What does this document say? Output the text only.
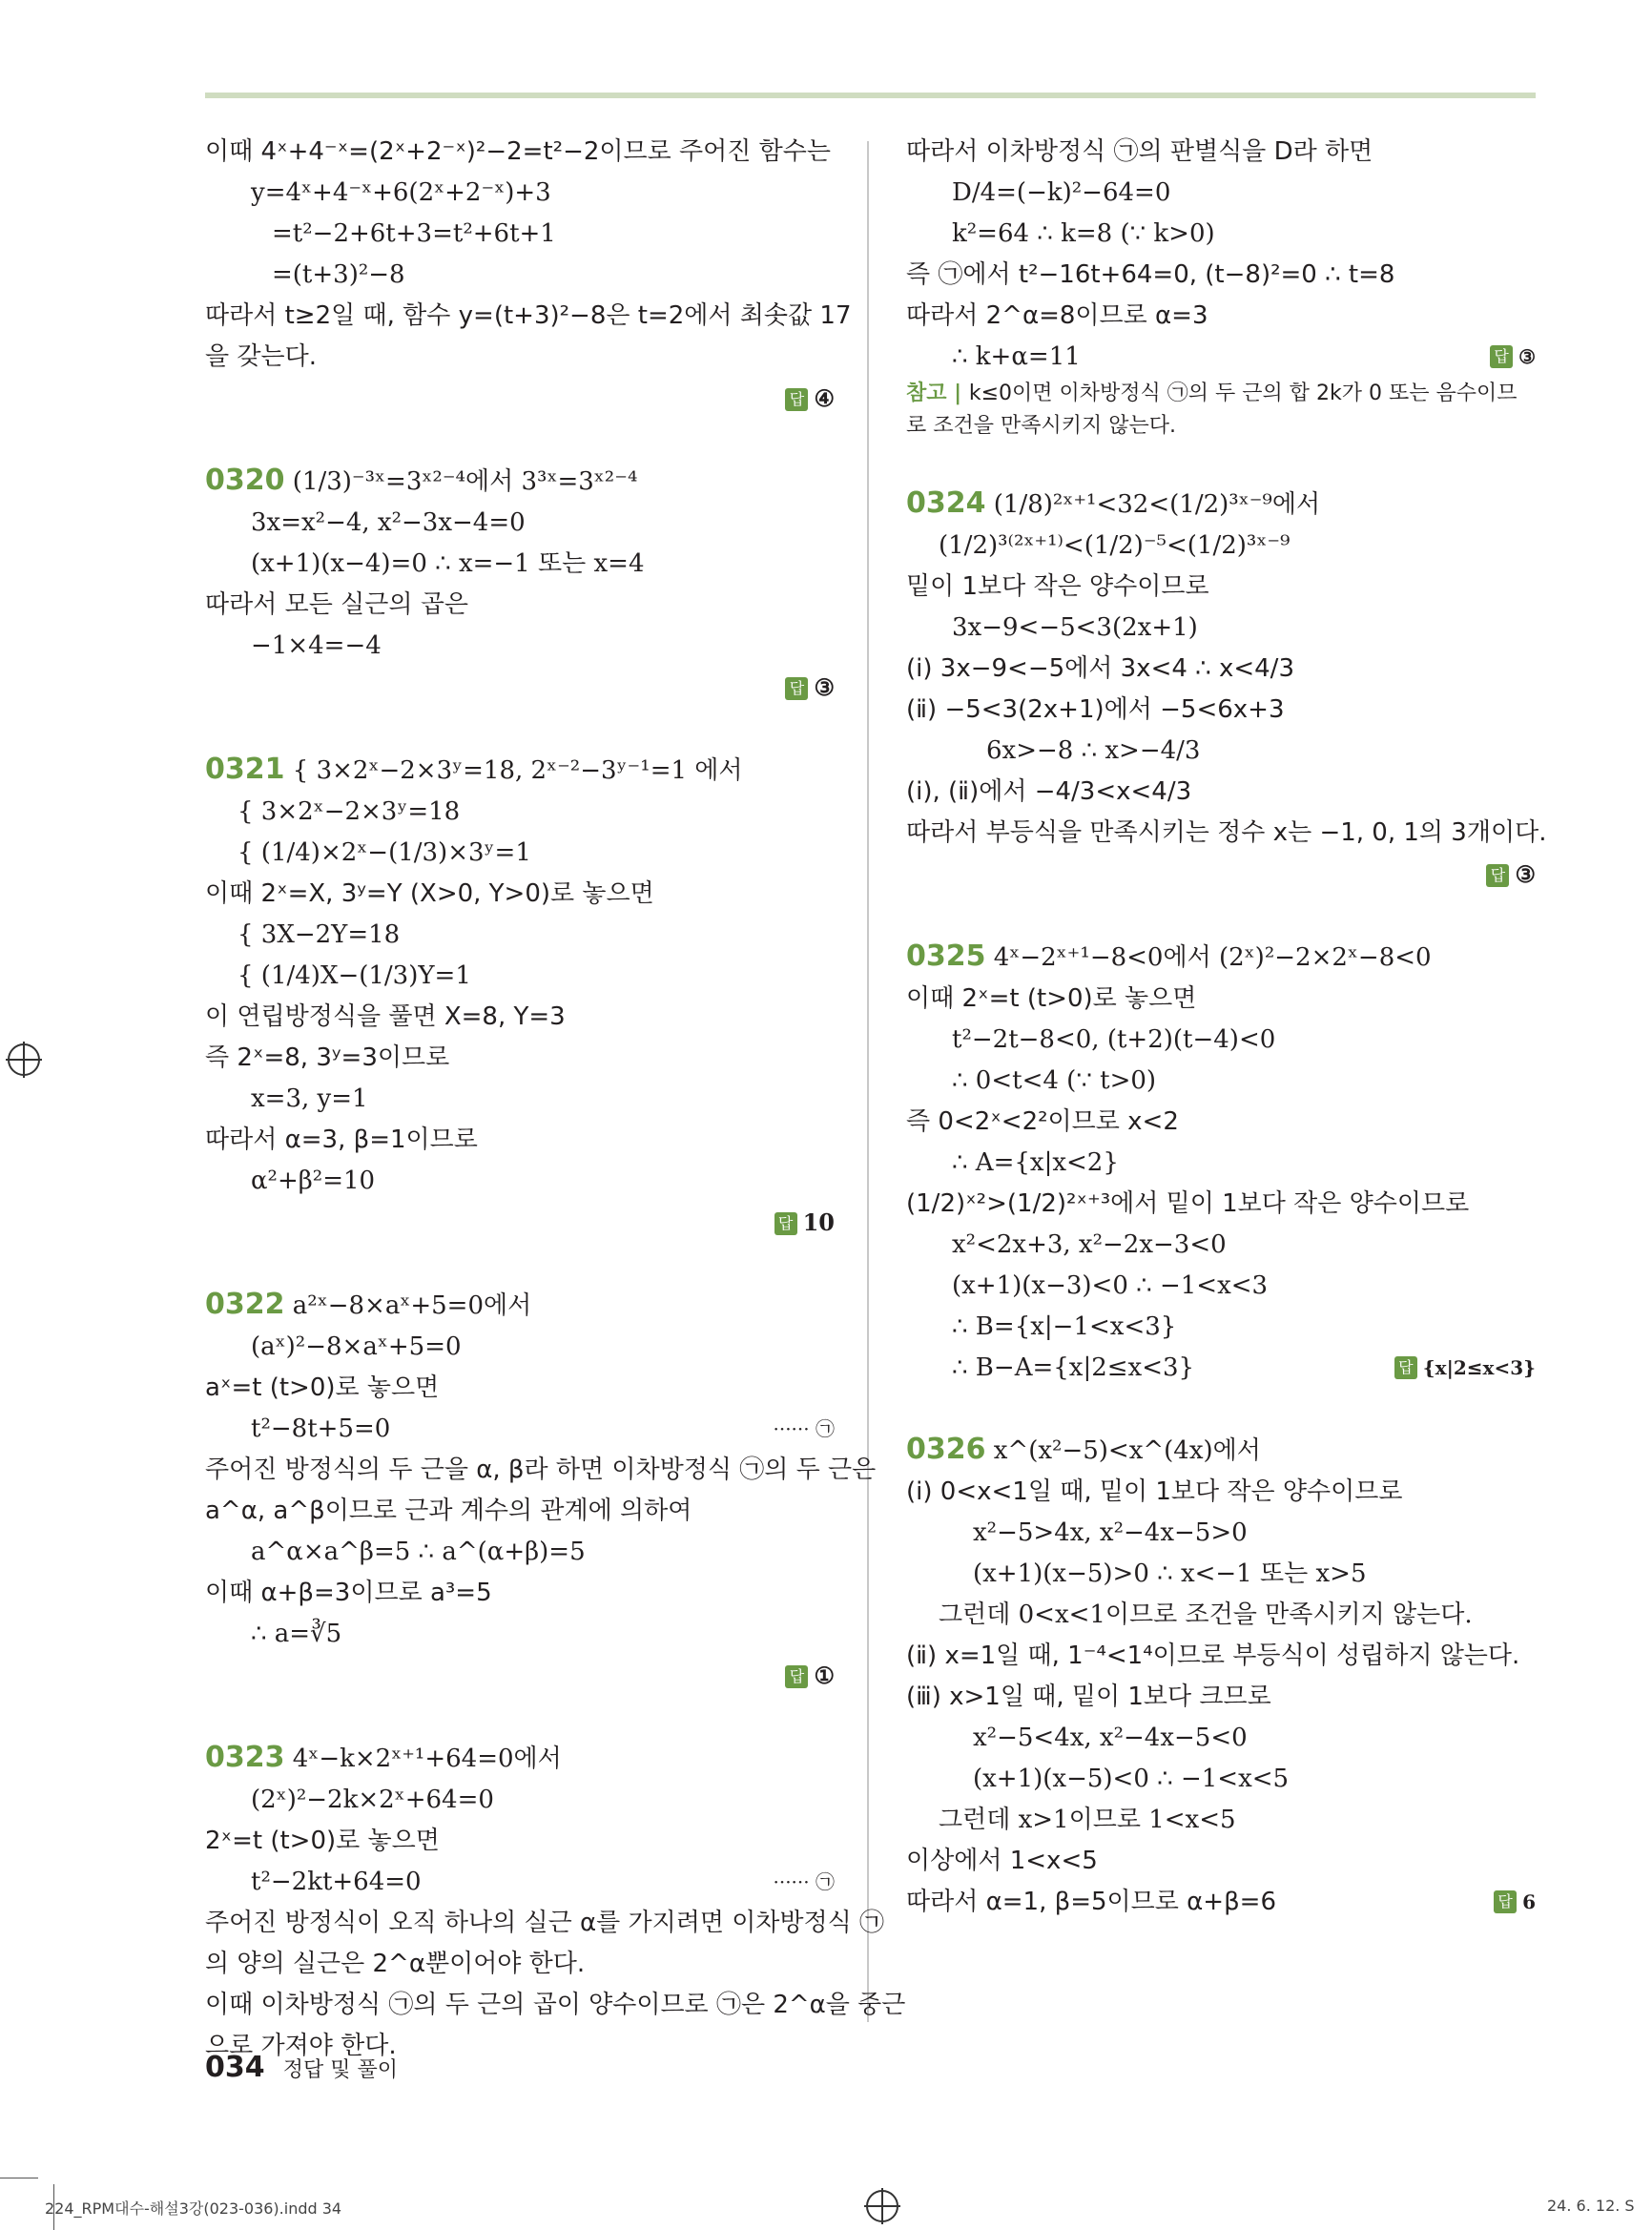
이때 4ˣ+4⁻ˣ=(2ˣ+2⁻ˣ)²−2=t²−2이므로 주어진 함수는
y=4ˣ+4⁻ˣ+6(2ˣ+2⁻ˣ)+3
=t²−2+6t+3=t²+6t+1
=(t+3)²−8
따라서 t≥2일 때, 함수 y=(t+3)²−8은 t=2에서 최솟값 17
을 갖는다.
답 ④
0320 (1/3)⁻³ˣ=3ˣ²⁻⁴에서 3³ˣ=3ˣ²⁻⁴
3x=x²−4, x²−3x−4=0
(x+1)(x−4)=0 ∴ x=−1 또는 x=4
따라서 모든 실근의 곱은
−1×4=−4
답 ③
0321 { 3×2ˣ−2×3ʸ=18, 2ˣ⁻²−3ʸ⁻¹=1 에서
{ 3×2ˣ−2×3ʸ=18
{ (1/4)×2ˣ−(1/3)×3ʸ=1
이때 2ˣ=X, 3ʸ=Y (X>0, Y>0)로 놓으면
{ 3X−2Y=18
{ (1/4)X−(1/3)Y=1
이 연립방정식을 풀면 X=8, Y=3
즉 2ˣ=8, 3ʸ=3이므로
x=3, y=1
따라서 α=3, β=1이므로
α²+β²=10
답 10
0322 a²ˣ−8×aˣ+5=0에서
(aˣ)²−8×aˣ+5=0
aˣ=t (t>0)로 놓으면
t²−8t+5=0	······ ㉠
주어진 방정식의 두 근을 α, β라 하면 이차방정식 ㉠의 두 근은
a^α, a^β이므로 근과 계수의 관계에 의하여
a^α×a^β=5 ∴ a^(α+β)=5
이때 α+β=3이므로 a³=5
∴ a=∛5
답 ①
0323 4ˣ−k×2ˣ⁺¹+64=0에서
(2ˣ)²−2k×2ˣ+64=0
2ˣ=t (t>0)로 놓으면
t²−2kt+64=0	······ ㉠
주어진 방정식이 오직 하나의 실근 α를 가지려면 이차방정식 ㉠
의 양의 실근은 2^α뿐이어야 한다.
이때 이차방정식 ㉠의 두 근의 곱이 양수이므로 ㉠은 2^α을 중근
으로 가져야 한다.
따라서 이차방정식 ㉠의 판별식을 D라 하면
D/4=(−k)²−64=0
k²=64 ∴ k=8 (∵ k>0)
즉 ㉠에서 t²−16t+64=0, (t−8)²=0 ∴ t=8
따라서 2^α=8이므로 α=3
∴ k+α=11	답 ③
참고 | k≤0이면 이차방정식 ㉠의 두 근의 합 2k가 0 또는 음수이므로 조건을 만족시키지 않는다.
0324 (1/8)²ˣ⁺¹<32<(1/2)³ˣ⁻⁹에서
(1/2)³⁽²ˣ⁺¹⁾<(1/2)⁻⁵<(1/2)³ˣ⁻⁹
밑이 1보다 작은 양수이므로
3x−9<−5<3(2x+1)
(ⅰ) 3x−9<−5에서 3x<4 ∴ x<4/3
(ⅱ) −5<3(2x+1)에서 −5<6x+3
6x>−8 ∴ x>−4/3
(ⅰ), (ⅱ)에서 −4/3<x<4/3
따라서 부등식을 만족시키는 정수 x는 −1, 0, 1의 3개이다.
답 ③
0325 4ˣ−2ˣ⁺¹−8<0에서 (2ˣ)²−2×2ˣ−8<0
이때 2ˣ=t (t>0)로 놓으면
t²−2t−8<0, (t+2)(t−4)<0
∴ 0<t<4 (∵ t>0)
즉 0<2ˣ<2²이므로 x<2
∴ A={x|x<2}
(1/2)ˣ²>(1/2)²ˣ⁺³에서 밑이 1보다 작은 양수이므로
x²<2x+3, x²−2x−3<0
(x+1)(x−3)<0 ∴ −1<x<3
∴ B={x|−1<x<3}
∴ B−A={x|2≤x<3}	답 {x|2≤x<3}
0326 x^(x²−5)<x^(4x)에서
(ⅰ) 0<x<1일 때, 밑이 1보다 작은 양수이므로
x²−5>4x, x²−4x−5>0
(x+1)(x−5)>0 ∴ x<−1 또는 x>5
그런데 0<x<1이므로 조건을 만족시키지 않는다.
(ⅱ) x=1일 때, 1⁻⁴<1⁴이므로 부등식이 성립하지 않는다.
(ⅲ) x>1일 때, 밑이 1보다 크므로
x²−5<4x, x²−4x−5<0
(x+1)(x−5)<0 ∴ −1<x<5
그런데 x>1이므로 1<x<5
이상에서 1<x<5
따라서 α=1, β=5이므로 α+β=6	답 6
034 정답 및 풀이
224_RPM대수-해설3강(023-036).indd 34	24. 6. 12. S
